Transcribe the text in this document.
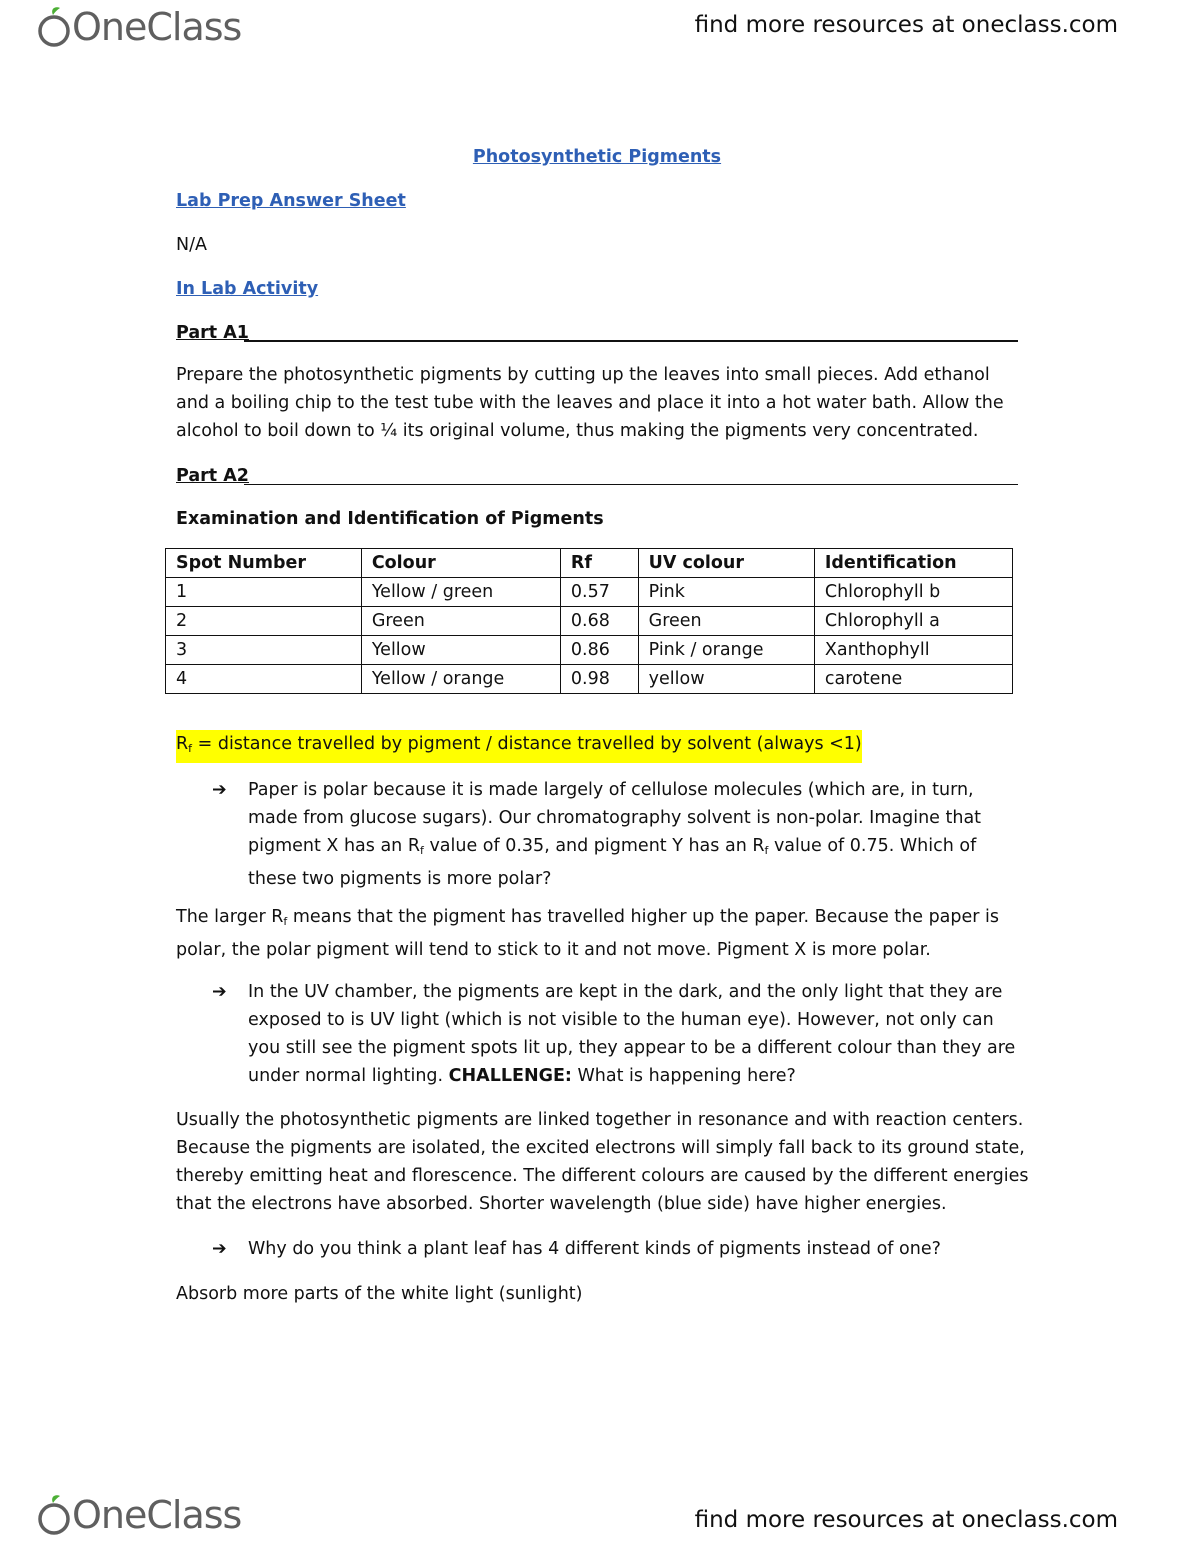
OneClass	find more resources at oneclass.com
Photosynthetic Pigments
Lab Prep Answer Sheet
N/A
In Lab Activity
Part A1
Prepare the photosynthetic pigments by cutting up the leaves into small pieces. Add ethanol and a boiling chip to the test tube with the leaves and place it into a hot water bath. Allow the alcohol to boil down to ¼ its original volume, thus making the pigments very concentrated.
Part A2
Examination and Identification of Pigments
Spot Number	Colour	Rf	UV colour	Identification
1	Yellow / green	0.57	Pink	Chlorophyll b
2	Green	0.68	Green	Chlorophyll a
3	Yellow	0.86	Pink / orange	Xanthophyll
4	Yellow / orange	0.98	yellow	carotene
$R_f$ = distance travelled by pigment / distance travelled by solvent (always <1)
➔	Paper is polar because it is made largely of cellulose molecules (which are, in turn, made from glucose sugars). Our chromatography solvent is non-polar. Imagine that pigment X has an $R_f$ value of 0.35, and pigment Y has an $R_f$ value of 0.75. Which of these two pigments is more polar?
The larger $R_f$ means that the pigment has travelled higher up the paper. Because the paper is polar, the polar pigment will tend to stick to it and not move. Pigment X is more polar.
➔	In the UV chamber, the pigments are kept in the dark, and the only light that they are exposed to is UV light (which is not visible to the human eye). However, not only can you still see the pigment spots lit up, they appear to be a different colour than they are under normal lighting. CHALLENGE: What is happening here?
Usually the photosynthetic pigments are linked together in resonance and with reaction centers. Because the pigments are isolated, the excited electrons will simply fall back to its ground state, thereby emitting heat and florescence. The different colours are caused by the different energies that the electrons have absorbed. Shorter wavelength (blue side) have higher energies.
➔	Why do you think a plant leaf has 4 different kinds of pigments instead of one?
Absorb more parts of the white light (sunlight)
OneClass	find more resources at oneclass.com
